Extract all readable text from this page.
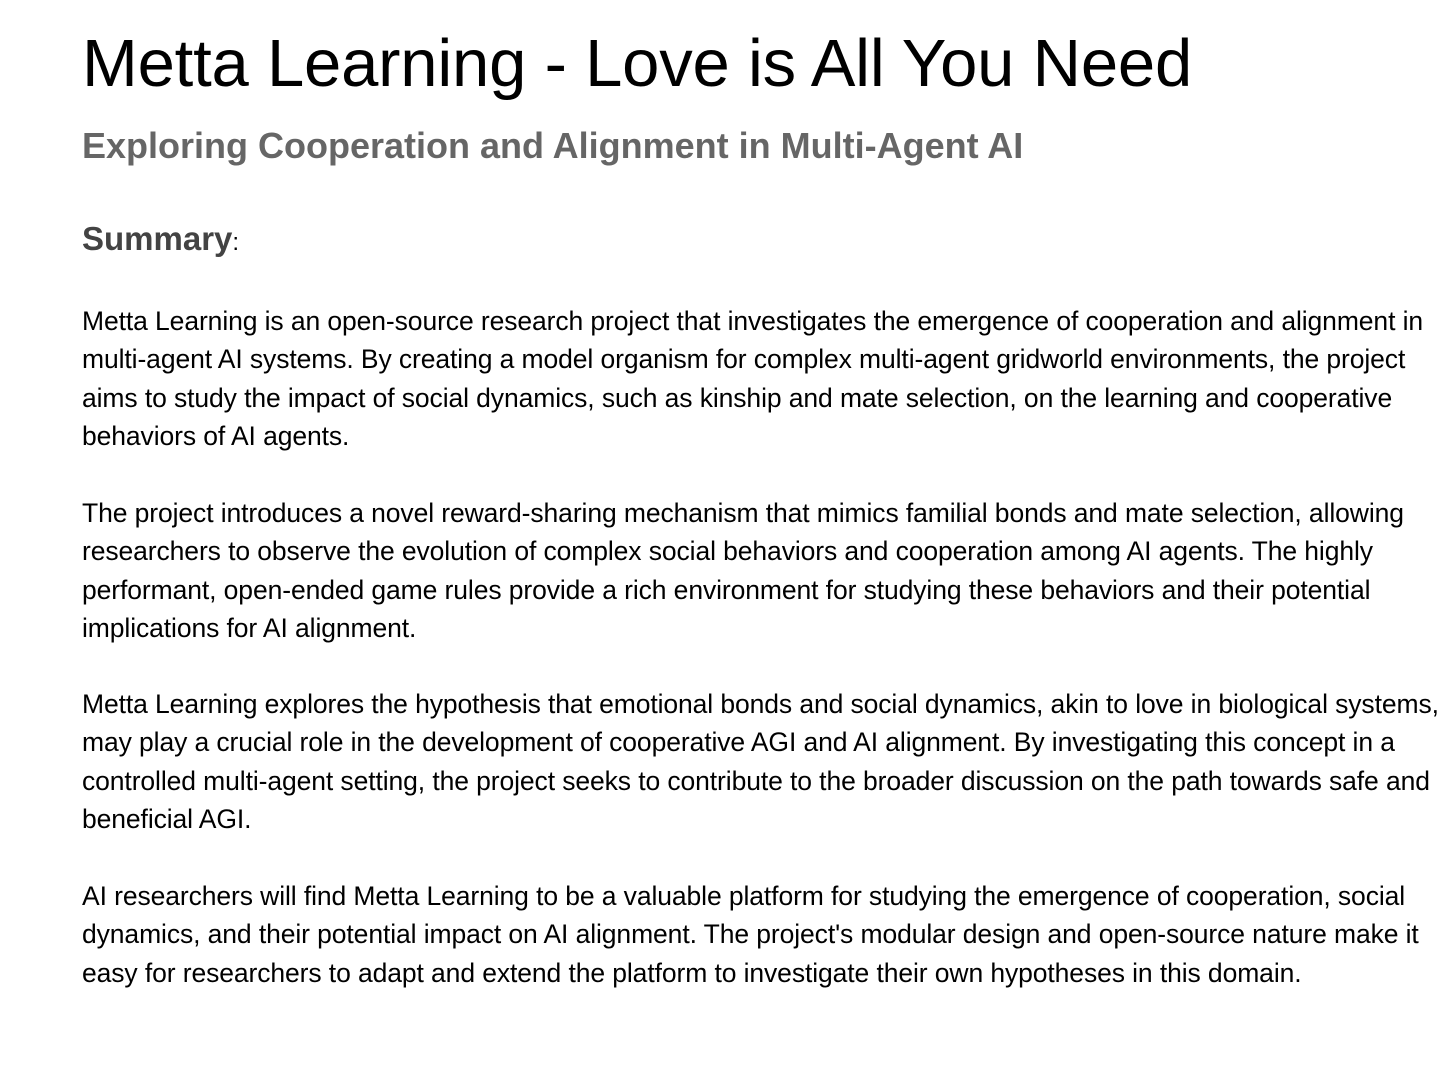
Metta Learning - Love is All You Need
Exploring Cooperation and Alignment in Multi-Agent AI
Summary:

Metta Learning is an open-source research project that investigates the emergence of cooperation and alignment in multi-agent AI systems. By creating a model organism for complex multi-agent gridworld environments, the project aims to study the impact of social dynamics, such as kinship and mate selection, on the learning and cooperative behaviors of AI agents.

The project introduces a novel reward-sharing mechanism that mimics familial bonds and mate selection, allowing researchers to observe the evolution of complex social behaviors and cooperation among AI agents. The highly performant, open-ended game rules provide a rich environment for studying these behaviors and their potential implications for AI alignment.

Metta Learning explores the hypothesis that emotional bonds and social dynamics, akin to love in biological systems, may play a crucial role in the development of cooperative AGI and AI alignment. By investigating this concept in a controlled multi-agent setting, the project seeks to contribute to the broader discussion on the path towards safe and beneficial AGI.

AI researchers will find Metta Learning to be a valuable platform for studying the emergence of cooperation, social dynamics, and their potential impact on AI alignment. The project's modular design and open-source nature make it easy for researchers to adapt and extend the platform to investigate their own hypotheses in this domain.
